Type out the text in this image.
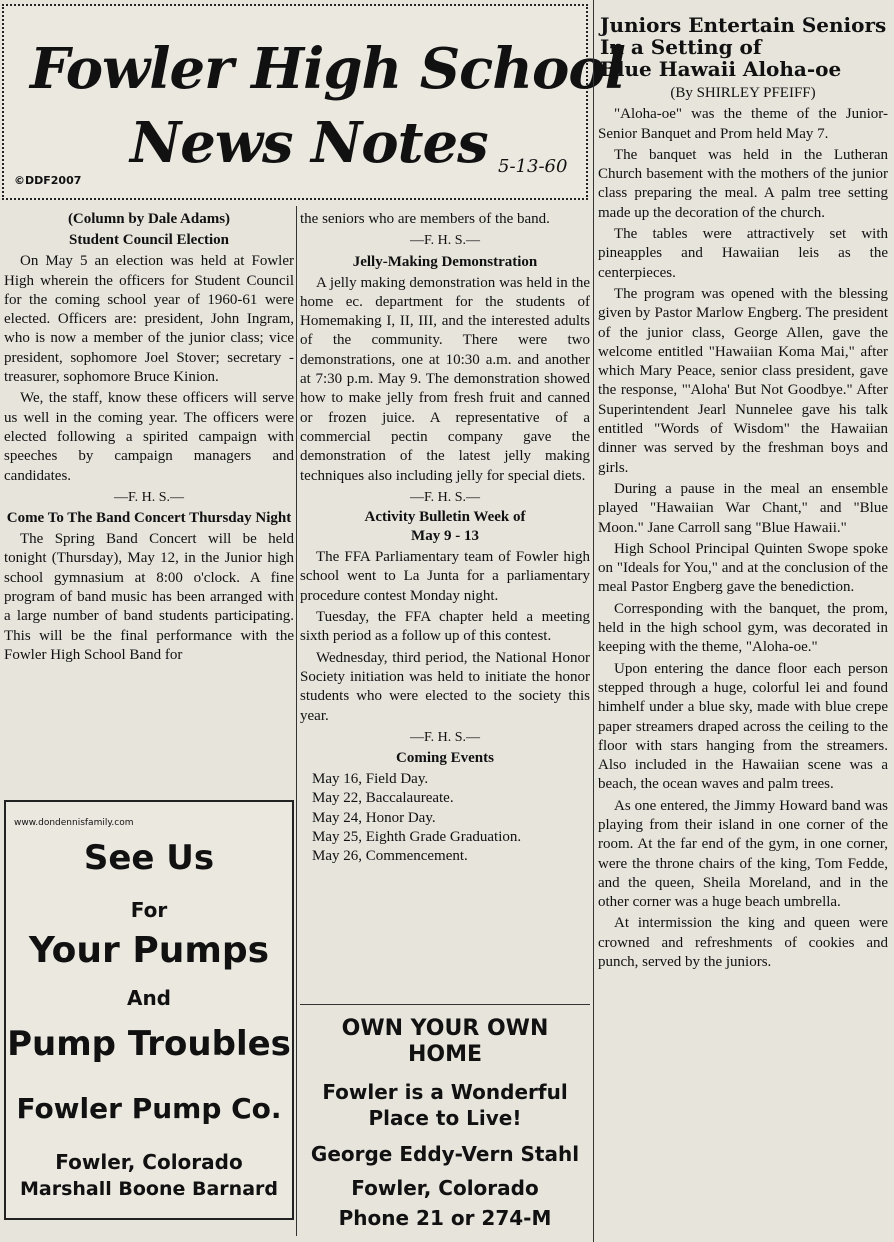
Fowler High School
News Notes 5-13-60
©DDF2007
(Column by Dale Adams)
Student Council Election

On May 5 an election was held at Fowler High wherein the officers for Student Council for the coming school year of 1960-61 were elected. Officers are: president, John Ingram, who is now a member of the junior class; vice president, sophomore Joel Stover; secretary - treasurer, sophomore Bruce Kinion.

We, the staff, know these officers will serve us well in the coming year. The officers were elected following a spirited campaign with speeches by campaign managers and candidates.

—F. H. S.—
Come To The Band Concert Thursday Night

The Spring Band Concert will be held tonight (Thursday), May 12, in the Junior high school gymnasium at 8:00 o'clock. A fine program of band music has been arranged with a large number of band students participating. This will be the final performance with the Fowler High School Band for

the seniors who are members of the band.

—F. H. S.—
Jelly-Making Demonstration

A jelly making demonstration was held in the home ec. department for the students of Homemaking I, II, III, and the interested adults of the community. There were two demonstrations, one at 10:30 a.m. and another at 7:30 p.m. May 9. The demonstration showed how to make jelly from fresh fruit and canned or frozen juice. A representative of a commercial pectin company gave the demonstration of the latest jelly making techniques also including jelly for special diets.

—F. H. S.—
Activity Bulletin Week of
May 9 - 13

The FFA Parliamentary team of Fowler high school went to La Junta for a parliamentary procedure contest Monday night.

Tuesday, the FFA chapter held a meeting sixth period as a follow up of this contest.

Wednesday, third period, the National Honor Society initiation was held to initiate the honor students who were elected to the society this year.

—F. H. S.—
Coming Events
May 16, Field Day.
May 22, Baccalaureate.
May 24, Honor Day.
May 25, Eighth Grade Graduation.
May 26, Commencement.
Juniors Entertain Seniors
In a Setting of
Blue Hawaii Aloha-oe
(By SHIRLEY PFEIFF)

"Aloha-oe" was the theme of the Junior-Senior Banquet and Prom held May 7.

The banquet was held in the Lutheran Church basement with the mothers of the junior class preparing the meal. A palm tree setting made up the decoration of the church.

The tables were attractively set with pineapples and Hawaiian leis as the centerpieces.

The program was opened with the blessing given by Pastor Marlow Engberg. The president of the junior class, George Allen, gave the welcome entitled "Hawaiian Koma Mai," after which Mary Peace, senior class president, gave the response, "'Aloha' But Not Goodbye." After Superintendent Jearl Nunnelee gave his talk entitled "Words of Wisdom" the Hawaiian dinner was served by the freshman boys and girls.

During a pause in the meal an ensemble played "Hawaiian War Chant," and "Blue Moon." Jane Carroll sang "Blue Hawaii."

High School Principal Quinten Swope spoke on "Ideals for You," and at the conclusion of the meal Pastor Engberg gave the benediction.

Corresponding with the banquet, the prom, held in the high school gym, was decorated in keeping with the theme, "Aloha-oe."

Upon entering the dance floor each person stepped through a huge, colorful lei and found himhelf under a blue sky, made with blue crepe paper streamers draped across the ceiling to the floor with stars hanging from the streamers. Also included in the Hawaiian scene was a beach, the ocean waves and palm trees.

As one entered, the Jimmy Howard band was playing from their island in one corner of the room. At the far end of the gym, in one corner, were the throne chairs of the king, Tom Fedde, and the queen, Sheila Moreland, and in the other corner was a huge beach umbrella.

At intermission the king and queen were crowned and refreshments of cookies and punch, served by the juniors.

www.dondennisfamily.com
See Us
For
Your Pumps
And
Pump Troubles
Fowler Pump Co.
Fowler, Colorado
Marshall Boone Barnard
OWN YOUR OWN
HOME
Fowler is a Wonderful
Place to Live!
George Eddy-Vern Stahl
Fowler, Colorado
Phone 21 or 274-M
